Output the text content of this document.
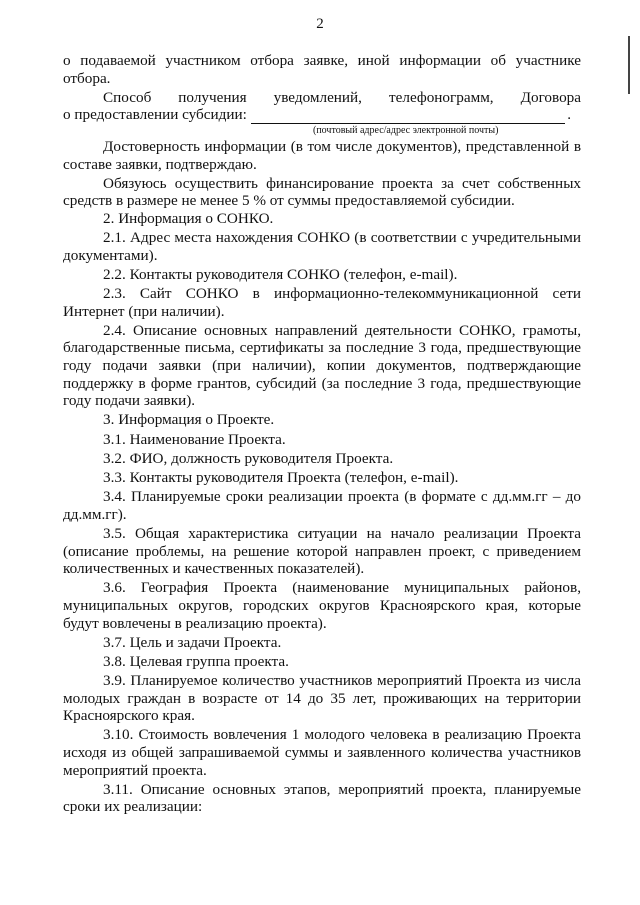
2

о подаваемой участником отбора заявке, иной информации об участнике отбора.

Способ получения уведомлений, телефонограмм, Договора
о предоставлении субсидии:	.
(почтовый адрес/адрес электронной почты)

Достоверность информации (в том числе документов), представленной в составе заявки, подтверждаю.

Обязуюсь осуществить финансирование проекта за счет собственных средств в размере не менее 5 % от суммы предоставляемой субсидии.

2. Информация о СОНКО.

2.1. Адрес места нахождения СОНКО (в соответствии с учредительными документами).

2.2. Контакты руководителя СОНКО (телефон, e-mail).

2.3. Сайт СОНКО в информационно-телекоммуникационной сети Интернет (при наличии).

2.4. Описание основных направлений деятельности СОНКО, грамоты, благодарственные письма, сертификаты за последние 3 года, предшествующие году подачи заявки (при наличии), копии документов, подтверждающие поддержку в форме грантов, субсидий (за последние 3 года, предшествующие году подачи заявки).

3. Информация о Проекте.

3.1. Наименование Проекта.

3.2. ФИО, должность руководителя Проекта.

3.3. Контакты руководителя Проекта (телефон, e-mail).

3.4. Планируемые сроки реализации проекта (в формате с дд.мм.гг – до дд.мм.гг).

3.5. Общая характеристика ситуации на начало реализации Проекта (описание проблемы, на решение которой направлен проект, с приведением количественных и качественных показателей).

3.6. География Проекта (наименование муниципальных районов, муниципальных округов, городских округов Красноярского края, которые будут вовлечены в реализацию проекта).

3.7. Цель и задачи Проекта.

3.8. Целевая группа проекта.

3.9. Планируемое количество участников мероприятий Проекта из числа молодых граждан в возрасте от 14 до 35 лет, проживающих на территории Красноярского края.

3.10. Стоимость вовлечения 1 молодого человека в реализацию Проекта исходя из общей запрашиваемой суммы и заявленного количества участников мероприятий проекта.

3.11. Описание основных этапов, мероприятий проекта, планируемые сроки их реализации:
